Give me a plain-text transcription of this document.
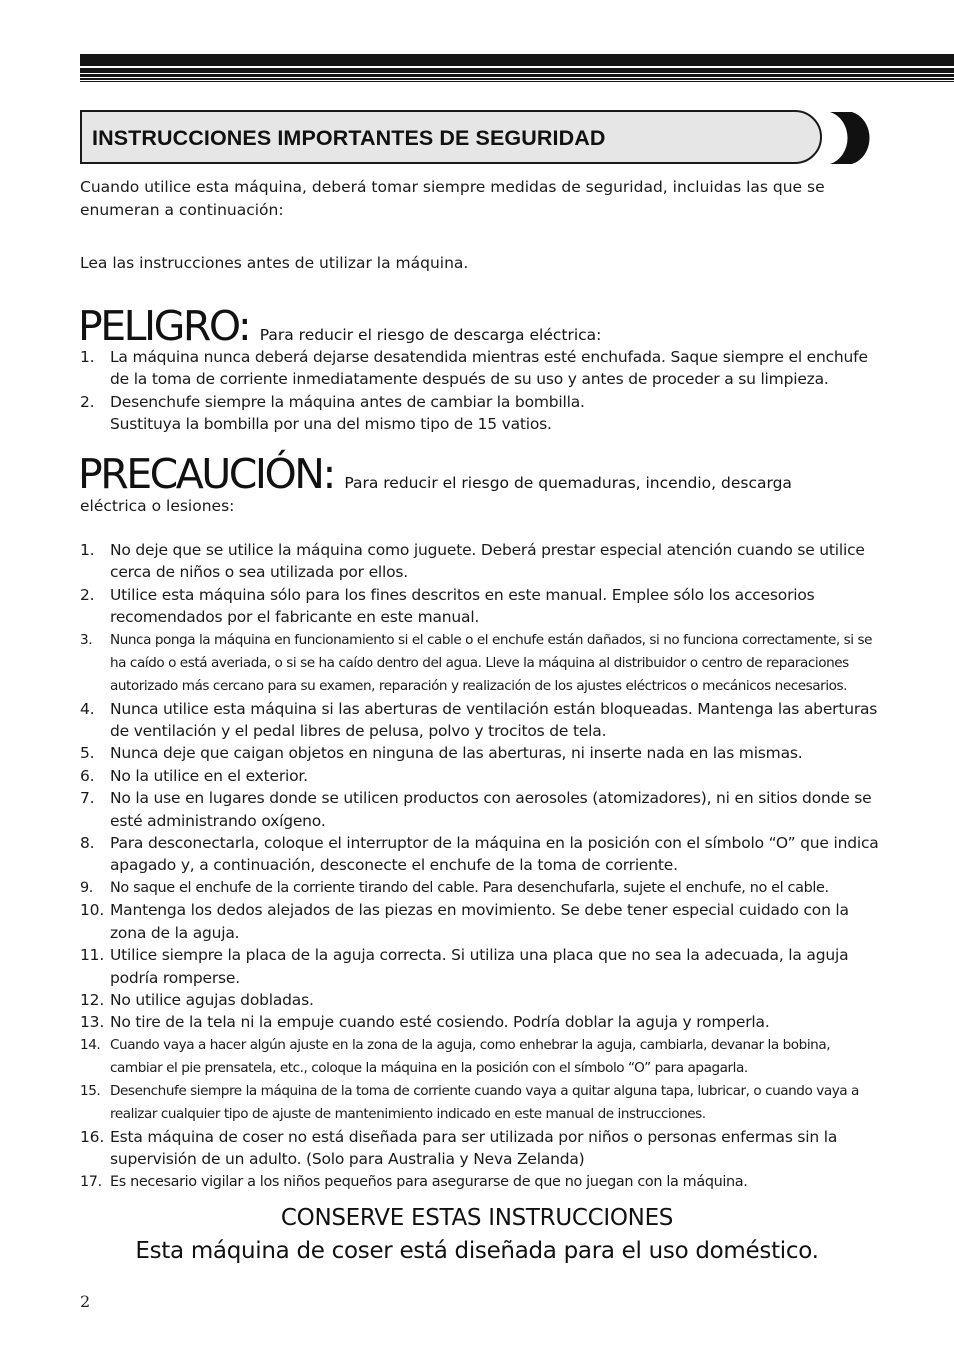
INSTRUCCIONES IMPORTANTES DE SEGURIDAD

Cuando utilice esta máquina, deberá tomar siempre medidas de seguridad, incluidas las que se enumeran a continuación:

Lea las instrucciones antes de utilizar la máquina.

PELIGRO: Para reducir el riesgo de descarga eléctrica:
1. La máquina nunca deberá dejarse desatendida mientras esté enchufada. Saque siempre el enchufe de la toma de corriente inmediatamente después de su uso y antes de proceder a su limpieza.
2. Desenchufe siempre la máquina antes de cambiar la bombilla.
Sustituya la bombilla por una del mismo tipo de 15 vatios.
PRECAUCIÓN: Para reducir el riesgo de quemaduras, incendio, descarga

eléctrica o lesiones:

1. No deje que se utilice la máquina como juguete. Deberá prestar especial atención cuando se utilice cerca de niños o sea utilizada por ellos.
2. Utilice esta máquina sólo para los fines descritos en este manual. Emplee sólo los accesorios recomendados por el fabricante en este manual.
3. Nunca ponga la máquina en funcionamiento si el cable o el enchufe están dañados, si no funciona correctamente, si se ha caído o está averiada, o si se ha caído dentro del agua. Lleve la máquina al distribuidor o centro de reparaciones autorizado más cercano para su examen, reparación y realización de los ajustes eléctricos o mecánicos necesarios.
4. Nunca utilice esta máquina si las aberturas de ventilación están bloqueadas. Mantenga las aberturas de ventilación y el pedal libres de pelusa, polvo y trocitos de tela.
5. Nunca deje que caigan objetos en ninguna de las aberturas, ni inserte nada en las mismas.
6. No la utilice en el exterior.
7. No la use en lugares donde se utilicen productos con aerosoles (atomizadores), ni en sitios donde se esté administrando oxígeno.
8. Para desconectarla, coloque el interruptor de la máquina en la posición con el símbolo “O” que indica apagado y, a continuación, desconecte el enchufe de la toma de corriente.
9. No saque el enchufe de la corriente tirando del cable. Para desenchufarla, sujete el enchufe, no el cable.
10. Mantenga los dedos alejados de las piezas en movimiento. Se debe tener especial cuidado con la zona de la aguja.
11. Utilice siempre la placa de la aguja correcta. Si utiliza una placa que no sea la adecuada, la aguja podría romperse.
12. No utilice agujas dobladas.
13. No tire de la tela ni la empuje cuando esté cosiendo. Podría doblar la aguja y romperla.
14. Cuando vaya a hacer algún ajuste en la zona de la aguja, como enhebrar la aguja, cambiarla, devanar la bobina, cambiar el pie prensatela, etc., coloque la máquina en la posición con el símbolo “O” para apagarla.
15. Desenchufe siempre la máquina de la toma de corriente cuando vaya a quitar alguna tapa, lubricar, o cuando vaya a realizar cualquier tipo de ajuste de mantenimiento indicado en este manual de instrucciones.
16. Esta máquina de coser no está diseñada para ser utilizada por niños o personas enfermas sin la supervisión de un adulto. (Solo para Australia y Neva Zelanda)
17. Es necesario vigilar a los niños pequeños para asegurarse de que no juegan con la máquina.
CONSERVE ESTAS INSTRUCCIONES
Esta máquina de coser está diseñada para el uso doméstico.
2
